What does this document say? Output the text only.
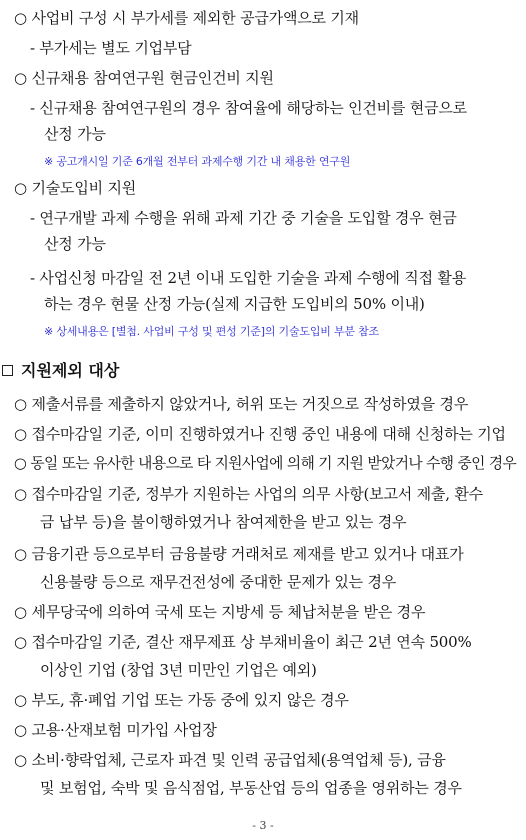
○ 사업비 구성 시 부가세를 제외한 공급가액으로 기재
- 부가세는 별도 기업부담
○ 신규채용 참여연구원 현금인건비 지원
- 신규채용 참여연구원의 경우 참여율에 해당하는 인건비를 현금으로
산정 가능
※ 공고개시일 기준 6개월 전부터 과제수행 기간 내 채용한 연구원
○ 기술도입비 지원
- 연구개발 과제 수행을 위해 과제 기간 중 기술을 도입할 경우 현금
산정 가능
- 사업신청 마감일 전 2년 이내 도입한 기술을 과제 수행에 직접 활용
하는 경우 현물 산정 가능(실제 지급한 도입비의 50% 이내)
※ 상세내용은 [별첨. 사업비 구성 및 편성 기준]의 기술도입비 부분 참조
지원제외 대상
○ 제출서류를 제출하지 않았거나, 허위 또는 거짓으로 작성하였을 경우
○ 접수마감일 기준, 이미 진행하였거나 진행 중인 내용에 대해 신청하는 기업
○ 동일 또는 유사한 내용으로 타 지원사업에 의해 기 지원 받았거나 수행 중인 경우
○ 접수마감일 기준, 정부가 지원하는 사업의 의무 사항(보고서 제출, 환수
금 납부 등)을 불이행하였거나 참여제한을 받고 있는 경우
○ 금융기관 등으로부터 금융불량 거래처로 제재를 받고 있거나 대표가
신용불량 등으로 재무건전성에 중대한 문제가 있는 경우
○ 세무당국에 의하여 국세 또는 지방세 등 체납처분을 받은 경우
○ 접수마감일 기준, 결산 재무제표 상 부채비율이 최근 2년 연속 500%
이상인 기업 (창업 3년 미만인 기업은 예외)
○ 부도, 휴·폐업 기업 또는 가동 중에 있지 않은 경우
○ 고용·산재보험 미가입 사업장
○ 소비·향락업체, 근로자 파견 및 인력 공급업체(용역업체 등), 금융
및 보험업, 숙박 및 음식점업, 부동산업 등의 업종을 영위하는 경우
- 3 -
